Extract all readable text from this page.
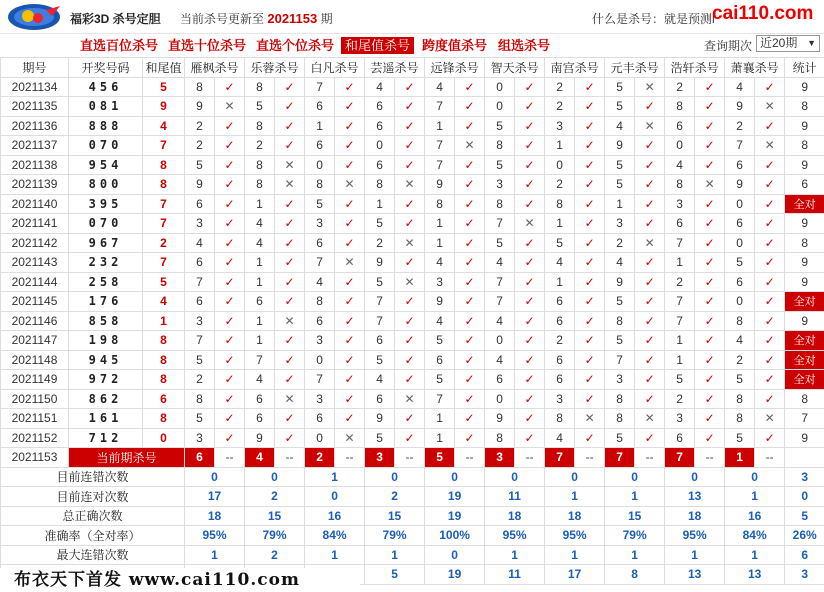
福彩3D 杀号定胆 当前杀号更新至 2021153 期	什么是杀号：就是预测l
cai110.com
直选百位杀号 直选十位杀号 直选个位杀号 和尾值杀号 跨度值杀号 组选杀号	查询期次 近20期 ▼
期号	开奖号码	和尾值	雁枫杀号		乐蓉杀号		白凡杀号		芸遥杀号		远锋杀号		智天杀号		南宫杀号		元丰杀号		浩轩杀号		萧襄杀号		统计
2021134	456	5	8	✓	8	✓	7	✓	4	✓	4	✓	0	✓	2	✓	5	✕	2	✓	4	✓	9
2021135	081	9	9	✕	5	✓	6	✓	6	✓	7	✓	0	✓	2	✓	5	✓	8	✓	9	✕	8
2021136	888	4	2	✓	8	✓	1	✓	6	✓	1	✓	5	✓	3	✓	4	✕	6	✓	2	✓	9
2021137	070	7	2	✓	2	✓	6	✓	0	✓	7	✕	8	✓	1	✓	9	✓	0	✓	7	✕	8
2021138	954	8	5	✓	8	✕	0	✓	6	✓	7	✓	5	✓	0	✓	5	✓	4	✓	6	✓	9
2021139	800	8	9	✓	8	✕	8	✕	8	✕	9	✓	3	✓	2	✓	5	✓	8	✕	9	✓	6
2021140	395	7	6	✓	1	✓	5	✓	1	✓	8	✓	8	✓	8	✓	1	✓	3	✓	0	✓	全对
2021141	070	7	3	✓	4	✓	3	✓	5	✓	1	✓	7	✕	1	✓	3	✓	6	✓	6	✓	9
2021142	967	2	4	✓	4	✓	6	✓	2	✕	1	✓	5	✓	5	✓	2	✕	7	✓	0	✓	8
2021143	232	7	6	✓	1	✓	7	✕	9	✓	4	✓	4	✓	4	✓	4	✓	1	✓	5	✓	9
2021144	258	5	7	✓	1	✓	4	✓	5	✕	3	✓	7	✓	1	✓	9	✓	2	✓	6	✓	9
2021145	176	4	6	✓	6	✓	8	✓	7	✓	9	✓	7	✓	6	✓	5	✓	7	✓	0	✓	全对
2021146	858	1	3	✓	1	✕	6	✓	7	✓	4	✓	4	✓	6	✓	8	✓	7	✓	8	✓	9
2021147	198	8	7	✓	1	✓	3	✓	6	✓	5	✓	0	✓	2	✓	5	✓	1	✓	4	✓	全对
2021148	945	8	5	✓	7	✓	0	✓	5	✓	6	✓	4	✓	6	✓	7	✓	1	✓	2	✓	全对
2021149	972	8	2	✓	4	✓	7	✓	4	✓	5	✓	6	✓	6	✓	3	✓	5	✓	5	✓	全对
2021150	862	6	8	✓	6	✕	3	✓	6	✕	7	✓	0	✓	3	✓	8	✓	2	✓	8	✓	8
2021151	161	8	5	✓	6	✓	6	✓	9	✓	1	✓	9	✓	8	✕	8	✕	3	✓	8	✕	7
2021152	712	0	3	✓	9	✓	0	✕	5	✓	1	✓	8	✓	4	✓	5	✓	6	✓	5	✓	9
2021153	当前期杀号		6	--	4	--	2	--	3	--	5	--	3	--	7	--	7	--	7	--	1	--	
目前连错次数			0		0		1		0		0		0		0		0		0		0		3
目前连对次数			17		2		0		2		19		11		1		1		13		1		0
总正确次数			18		15		16		15		19		18		18		15		18		16		5
准确率（全对率）			95%		79%		84%		79%		100%		95%		95%		79%		95%		84%		26%
最大连错次数			1		2		1		1		0		1		1		1		1		1		6
									5		19		11		17		8		13		13		3
布衣天下首发 www.cai110.com
